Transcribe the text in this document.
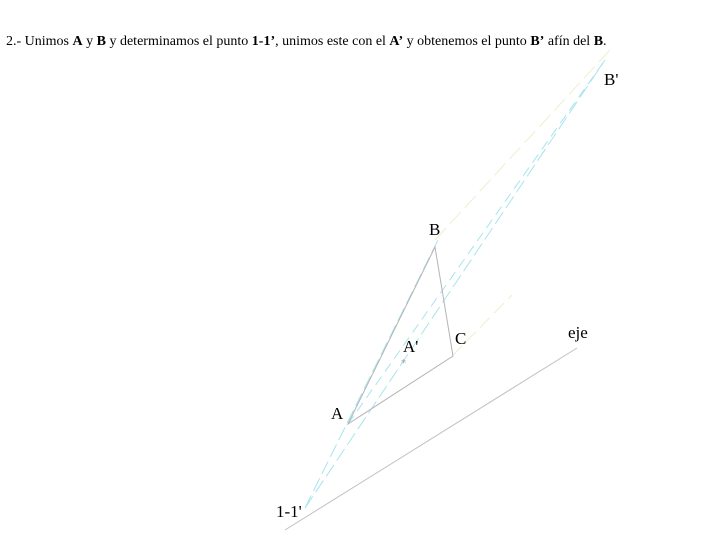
2.- Unimos A y B y determinamos el punto 1-1’, unimos este con el A’ y obtenemos el punto B’ afín del B.
*
B'
B
C
A'
A
eje
1-1'
